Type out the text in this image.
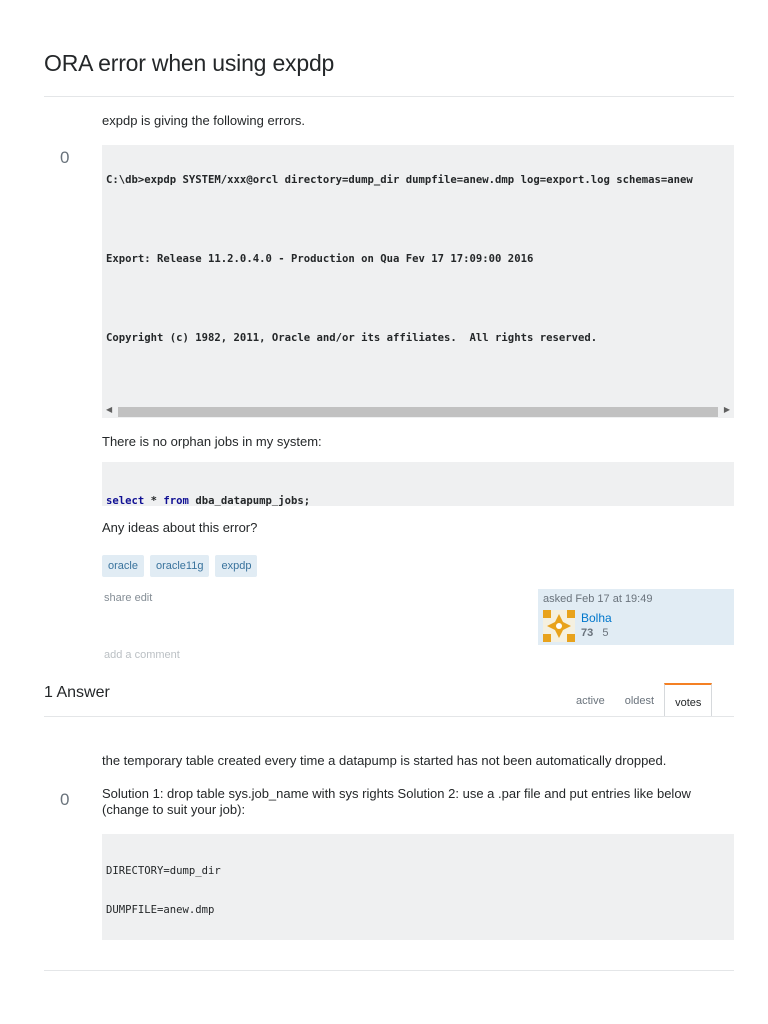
ORA error when using expdp
expdp is giving the following errors.
0

C:\db>expdp SYSTEM/xxx@orcl directory=dump_dir dumpfile=anew.dmp log=export.log schemas=anew

Export: Release 11.2.0.4.0 - Production on Qua Fev 17 17:09:00 2016

Copyright (c) 1982, 2011, Oracle and/or its affiliates.  All rights reserved.

◀	▶
There is no orphan jobs in my system:

select * from dba_datapump_jobs;

Any ideas about this error?
oracle	oracle11g	expdp
share edit	asked Feb 17 at 19:49
Bolha
73 5
add a comment
1 Answer	active	oldest	votes
the temporary table created every time a datapump is started has not been automatically dropped.
0	Solution 1: drop table sys.job_name with sys rights Solution 2: use a .par file and put entries like below (change to suit your job):

DIRECTORY=dump_dir

DUMPFILE=anew.dmp
